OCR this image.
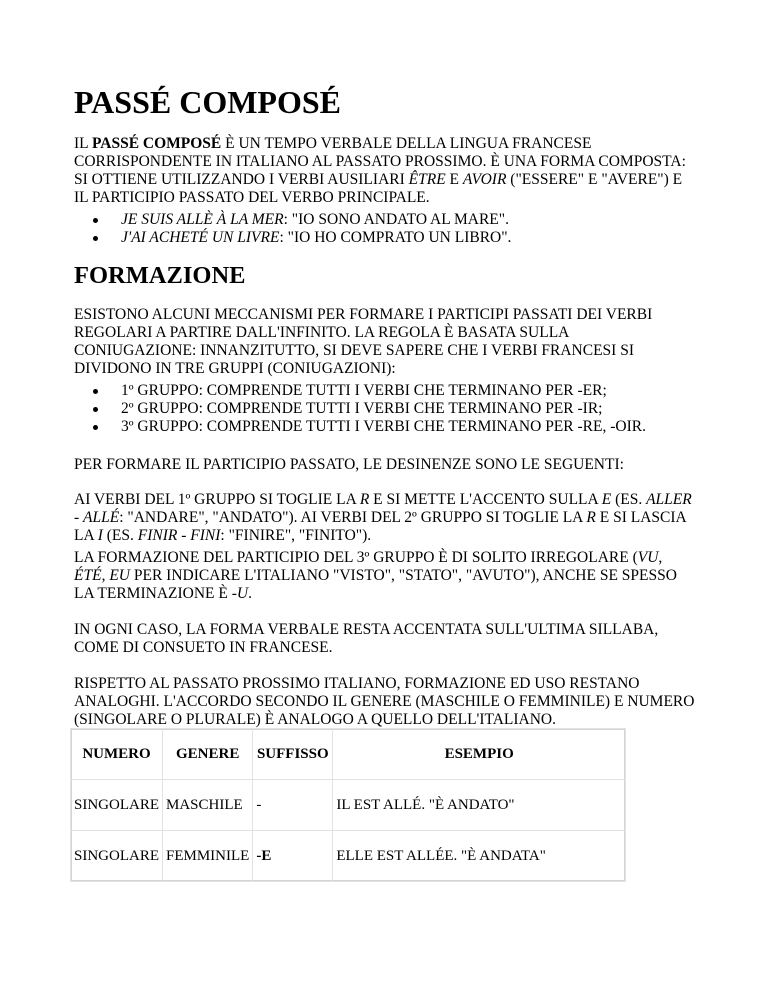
PASSÉ COMPOSÉ
IL PASSÉ COMPOSÉ È UN TEMPO VERBALE DELLA LINGUA FRANCESE
CORRISPONDENTE IN ITALIANO AL PASSATO PROSSIMO. È UNA FORMA COMPOSTA:
SI OTTIENE UTILIZZANDO I VERBI AUSILIARI ÊTRE E AVOIR ("ESSERE" E "AVERE") E
IL PARTICIPIO PASSATO DEL VERBO PRINCIPALE.
JE SUIS ALLÈ À LA MER: "IO SONO ANDATO AL MARE".
J'AI ACHETÉ UN LIVRE: "IO HO COMPRATO UN LIBRO".
FORMAZIONE
ESISTONO ALCUNI MECCANISMI PER FORMARE I PARTICIPI PASSATI DEI VERBI
REGOLARI A PARTIRE DALL'INFINITO. LA REGOLA È BASATA SULLA
CONIUGAZIONE: INNANZITUTTO, SI DEVE SAPERE CHE I VERBI FRANCESI SI
DIVIDONO IN TRE GRUPPI (CONIUGAZIONI):
1º GRUPPO: COMPRENDE TUTTI I VERBI CHE TERMINANO PER -ER;
2º GRUPPO: COMPRENDE TUTTI I VERBI CHE TERMINANO PER -IR;
3º GRUPPO: COMPRENDE TUTTI I VERBI CHE TERMINANO PER -RE, -OIR.
PER FORMARE IL PARTICIPIO PASSATO, LE DESINENZE SONO LE SEGUENTI:
AI VERBI DEL 1º GRUPPO SI TOGLIE LA R E SI METTE L'ACCENTO SULLA E (ES. ALLER
- ALLÉ: "ANDARE", "ANDATO"). AI VERBI DEL 2º GRUPPO SI TOGLIE LA R E SI LASCIA
LA I (ES. FINIR - FINI: "FINIRE", "FINITO").
LA FORMAZIONE DEL PARTICIPIO DEL 3º GRUPPO È DI SOLITO IRREGOLARE (VU,
ÉTÉ, EU PER INDICARE L'ITALIANO "VISTO", "STATO", "AVUTO"), ANCHE SE SPESSO
LA TERMINAZIONE È -U.
IN OGNI CASO, LA FORMA VERBALE RESTA ACCENTATA SULL'ULTIMA SILLABA,
COME DI CONSUETO IN FRANCESE.
RISPETTO AL PASSATO PROSSIMO ITALIANO, FORMAZIONE ED USO RESTANO
ANALOGHI. L'ACCORDO SECONDO IL GENERE (MASCHILE O FEMMINILE) E NUMERO
(SINGOLARE O PLURALE) È ANALOGO A QUELLO DELL'ITALIANO.
NUMERO	GENERE	SUFFISSO	ESEMPIO
SINGOLARE	MASCHILE	-	IL EST ALLÉ. "È ANDATO"
SINGOLARE	FEMMINILE	-E	ELLE EST ALLÉE. "È ANDATA"
